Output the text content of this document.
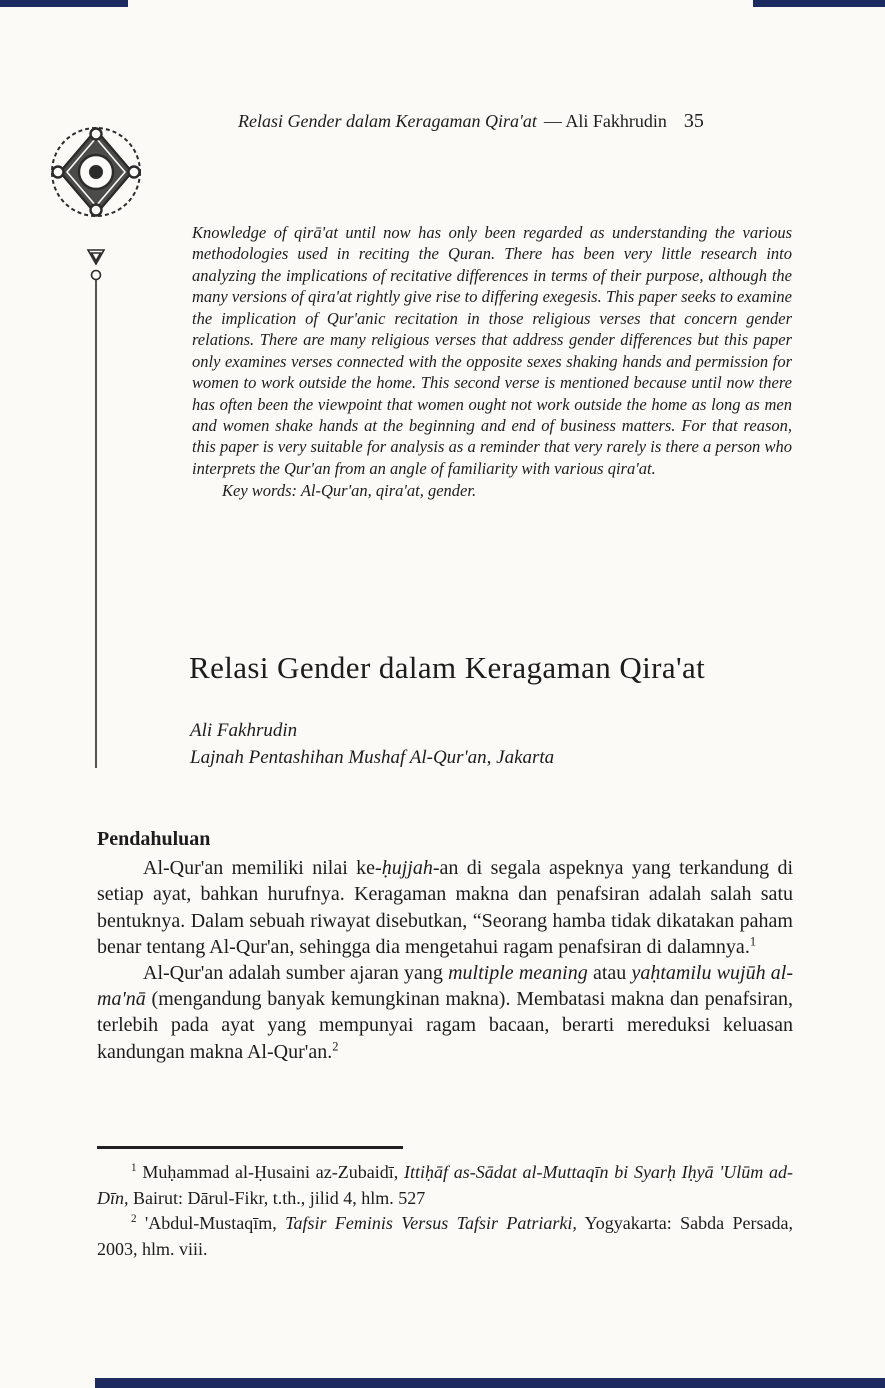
Relasi Gender dalam Keragaman Qira'at — Ali Fakhrudin 35

Knowledge of qirā'at until now has only been regarded as understanding the various methodologies used in reciting the Quran. There has been very little research into analyzing the implications of recitative differences in terms of their purpose, although the many versions of qira'at rightly give rise to differing exegesis. This paper seeks to examine the implication of Qur'anic recitation in those religious verses that concern gender relations. There are many religious verses that address gender differences but this paper only examines verses connected with the opposite sexes shaking hands and permission for women to work outside the home. This second verse is mentioned because until now there has often been the viewpoint that women ought not work outside the home as long as men and women shake hands at the beginning and end of business matters. For that reason, this paper is very suitable for analysis as a reminder that very rarely is there a person who interprets the Qur'an from an angle of familiarity with various qira'at.

Key words: Al-Qur'an, qira'at, gender.

Relasi Gender dalam Keragaman Qira'at

Ali Fakhrudin

Lajnah Pentashihan Mushaf Al-Qur'an, Jakarta

Pendahuluan

Al-Qur'an memiliki nilai ke-ḥujjah-an di segala aspeknya yang terkandung di setiap ayat, bahkan hurufnya. Keragaman makna dan penafsiran adalah salah satu bentuknya. Dalam sebuah riwayat disebutkan, “Seorang hamba tidak dikatakan paham benar tentang Al-Qur'an, sehingga dia mengetahui ragam penafsiran di dalamnya.$^1$

Al-Qur'an adalah sumber ajaran yang multiple meaning atau yaḥtamilu wujūh al-ma'nā (mengandung banyak kemungkinan makna). Membatasi makna dan penafsiran, terlebih pada ayat yang mempunyai ragam bacaan, berarti mereduksi keluasan kandungan makna Al-Qur'an.$^2$

$^1$ Muḥammad al-Ḥusaini az-Zubaidī, Ittiḥāf as-Sādat al-Muttaqīn bi Syarḥ Iḥyā 'Ulūm ad-Dīn, Bairut: Dārul-Fikr, t.th., jilid 4, hlm. 527

$^2$ 'Abdul-Mustaqīm, Tafsir Feminis Versus Tafsir Patriarki, Yogyakarta: Sabda Persada, 2003, hlm. viii.
